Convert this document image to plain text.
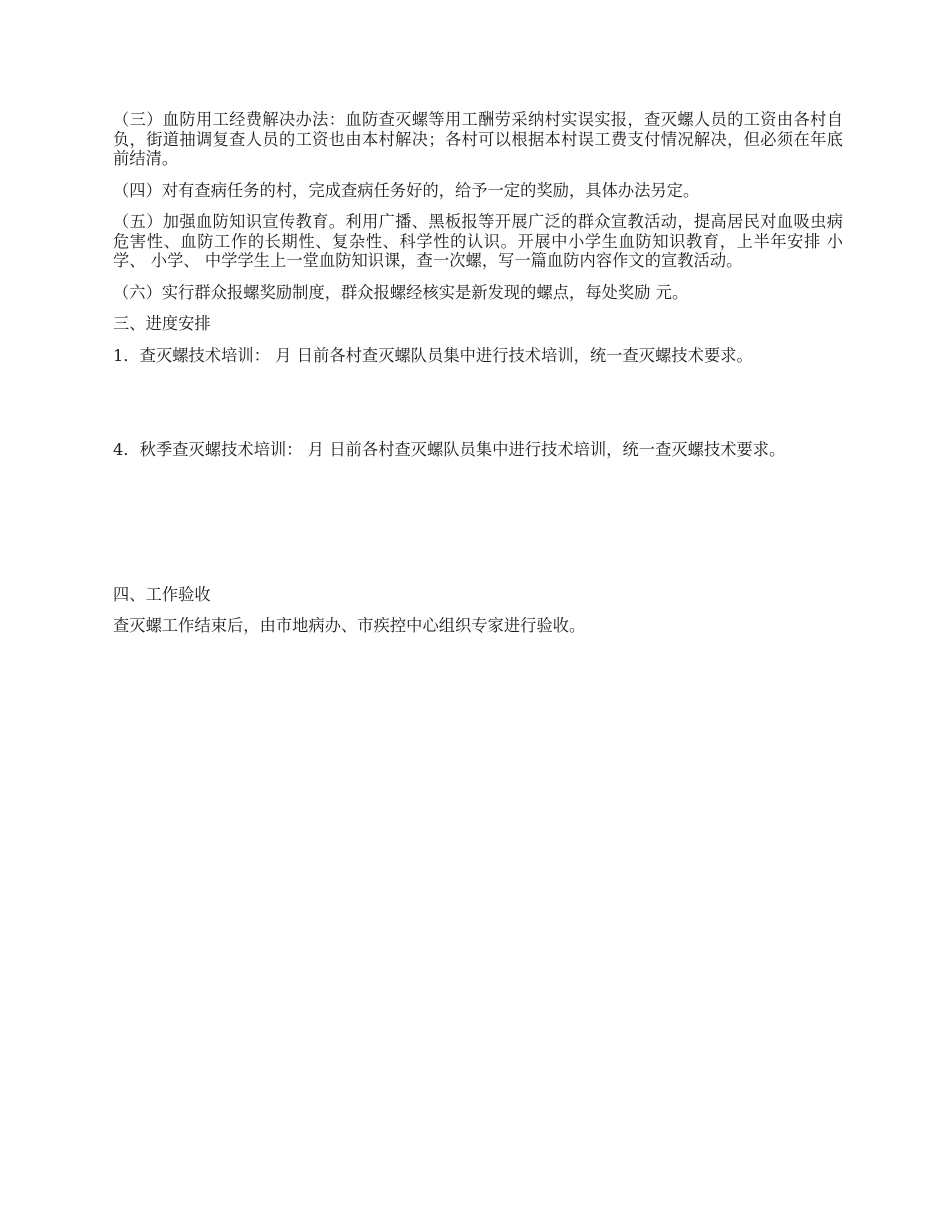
（三）血防用工经费解决办法：血防查灭螺等用工酬劳采纳村实误实报，查灭螺人员的工资由各村自负，街道抽调复查人员的工资也由本村解决；各村可以根据本村误工费支付情况解决，但必须在年底前结清。

（四）对有查病任务的村，完成查病任务好的，给予一定的奖励，具体办法另定。

（五）加强血防知识宣传教育。利用广播、黑板报等开展广泛的群众宣教活动，提高居民对血吸虫病危害性、血防工作的长期性、复杂性、科学性的认识。开展中小学生血防知识教育，上半年安排 小学、 小学、 中学学生上一堂血防知识课，查一次螺，写一篇血防内容作文的宣教活动。

（六）实行群众报螺奖励制度，群众报螺经核实是新发现的螺点，每处奖励 元。

三、进度安排

1．查灭螺技术培训： 月 日前各村查灭螺队员集中进行技术培训，统一查灭螺技术要求。

4．秋季查灭螺技术培训： 月 日前各村查灭螺队员集中进行技术培训，统一查灭螺技术要求。

四、工作验收

查灭螺工作结束后，由市地病办、市疾控中心组织专家进行验收。
